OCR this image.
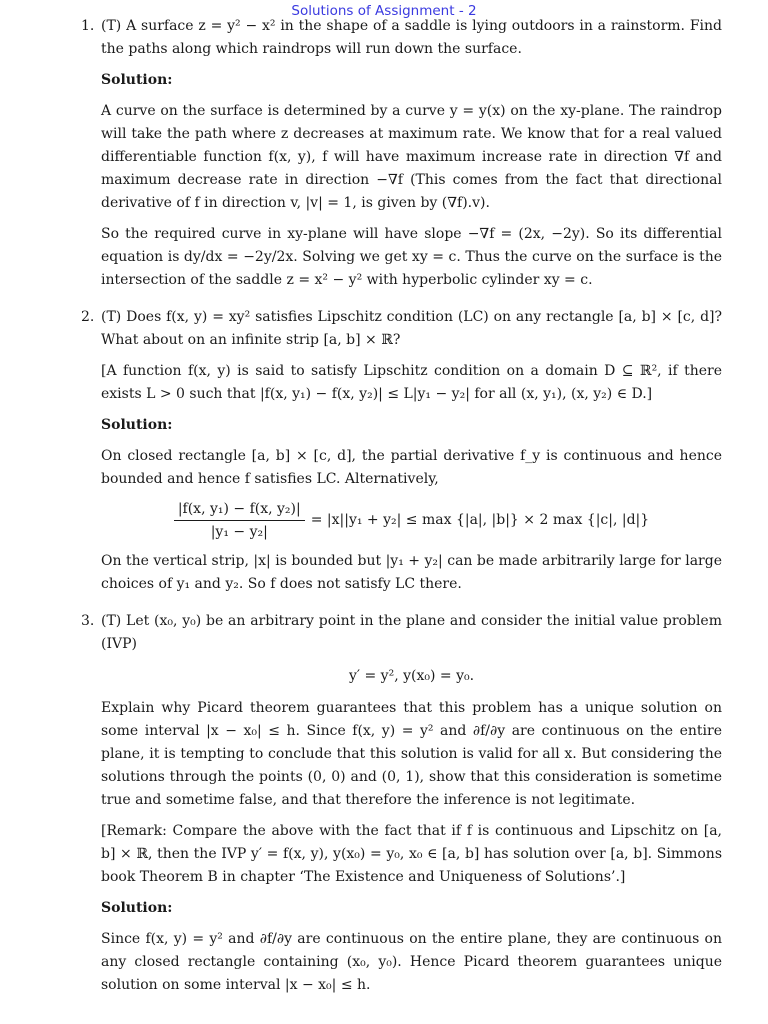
Solutions of Assignment - 2
1. (T) A surface z = y² − x² in the shape of a saddle is lying outdoors in a rainstorm. Find the paths along which raindrops will run down the surface.

Solution:

A curve on the surface is determined by a curve y = y(x) on the xy-plane. The raindrop will take the path where z decreases at maximum rate. We know that for a real valued differentiable function f(x, y), f will have maximum increase rate in direction ∇f and maximum decrease rate in direction −∇f (This comes from the fact that directional derivative of f in direction v, |v| = 1, is given by (∇f).v).

So the required curve in xy-plane will have slope −∇f = (2x, −2y). So its differential equation is dy/dx = −2y/2x. Solving we get xy = c. Thus the curve on the surface is the intersection of the saddle z = x² − y² with hyperbolic cylinder xy = c.

2. (T) Does f(x, y) = xy² satisfies Lipschitz condition (LC) on any rectangle [a, b] × [c, d]? What about on an infinite strip [a, b] × ℝ?

[A function f(x, y) is said to satisfy Lipschitz condition on a domain D ⊆ ℝ², if there exists L > 0 such that |f(x, y₁) − f(x, y₂)| ≤ L|y₁ − y₂| for all (x, y₁), (x, y₂) ∈ D.]

Solution:

On closed rectangle [a, b] × [c, d], the partial derivative f_y is continuous and hence bounded and hence f satisfies LC. Alternatively,

$\frac{\text{|f(x, y₁) − f(x, y₂)|}}{\text{|y₁ − y₂|}} = |x||y_1 + y_2| \le \max \{|a|$, |b|} × 2 max {|c|, |d|}

On the vertical strip, |x| is bounded but |y₁ + y₂| can be made arbitrarily large for large choices of y₁ and y₂. So f does not satisfy LC there.

3. (T) Let (x₀, y₀) be an arbitrary point in the plane and consider the initial value problem (IVP)

y′ = y², y(x₀) = y₀.

Explain why Picard theorem guarantees that this problem has a unique solution on some interval |x − x₀| ≤ h. Since f(x, y) = y² and ∂f/∂y are continuous on the entire plane, it is tempting to conclude that this solution is valid for all x. But considering the solutions through the points (0, 0) and (0, 1), show that this consideration is sometime true and sometime false, and that therefore the inference is not legitimate.

[Remark: Compare the above with the fact that if f is continuous and Lipschitz on [a, b] × ℝ, then the IVP y′ = f(x, y), y(x₀) = y₀, x₀ ∈ [a, b] has solution over [a, b]. Simmons book Theorem B in chapter ‘The Existence and Uniqueness of Solutions’.]

Solution:

Since f(x, y) = y² and ∂f/∂y are continuous on the entire plane, they are continuous on any closed rectangle containing (x₀, y₀). Hence Picard theorem guarantees unique solution on some interval |x − x₀| ≤ h.
